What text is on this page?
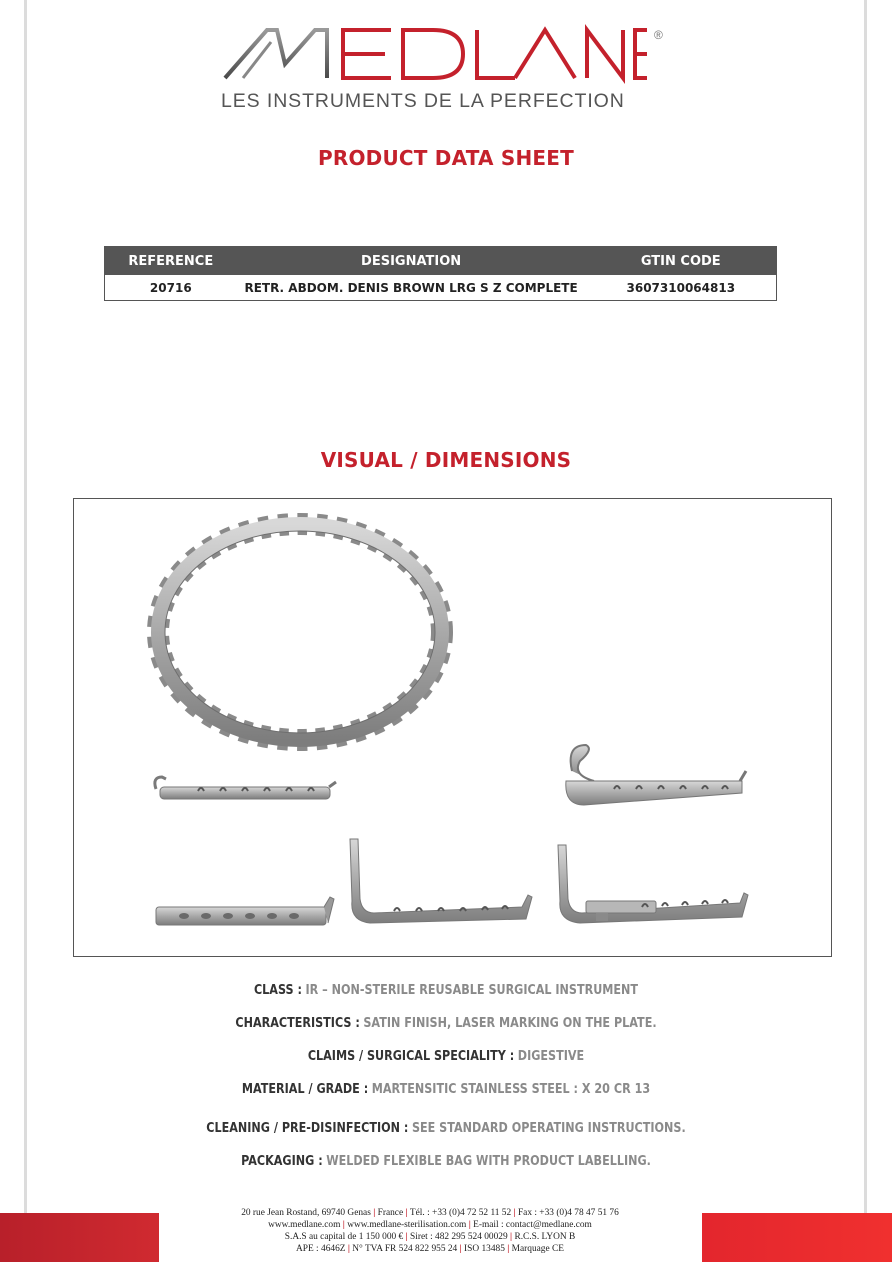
®
LES INSTRUMENTS DE LA PERFECTION
PRODUCT DATA SHEET
REFERENCE	DESIGNATION	GTIN CODE
20716	RETR. ABDOM. DENIS BROWN LRG S Z COMPLETE	3607310064813
VISUAL / DIMENSIONS
CLASS : IR – NON-STERILE REUSABLE SURGICAL INSTRUMENT
CHARACTERISTICS : SATIN FINISH, LASER MARKING ON THE PLATE.
CLAIMS / SURGICAL SPECIALITY : DIGESTIVE
MATERIAL / GRADE : MARTENSITIC STAINLESS STEEL : X 20 CR 13
CLEANING / PRE-DISINFECTION : SEE STANDARD OPERATING INSTRUCTIONS.
PACKAGING : WELDED FLEXIBLE BAG WITH PRODUCT LABELLING.
20 rue Jean Rostand, 69740 Genas | France | Tél. : +33 (0)4 72 52 11 52 | Fax : +33 (0)4 78 47 51 76
www.medlane.com | www.medlane-sterilisation.com | E-mail : contact@medlane.com
S.A.S au capital de 1 150 000 € | Siret : 482 295 524 00029 | R.C.S. LYON B
APE : 4646Z | N° TVA FR 524 822 955 24 | ISO 13485 | Marquage CE
